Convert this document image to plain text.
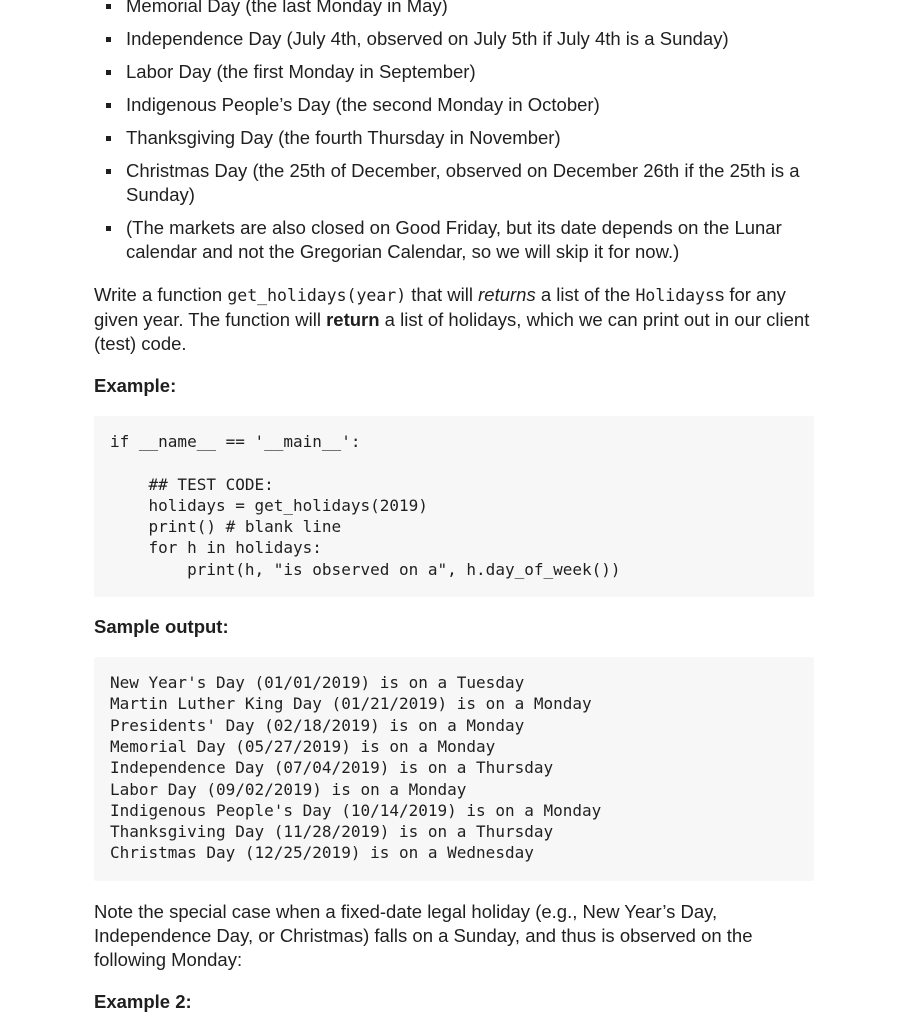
Memorial Day (the last Monday in May)
Independence Day (July 4th, observed on July 5th if July 4th is a Sunday)
Labor Day (the first Monday in September)
Indigenous People’s Day (the second Monday in October)
Thanksgiving Day (the fourth Thursday in November)
Christmas Day (the 25th of December, observed on December 26th if the 25th is a Sunday)
(The markets are also closed on Good Friday, but its date depends on the Lunar calendar and not the Gregorian Calendar, so we will skip it for now.)

Write a function get_holidays(year) that will returns a list of the Holidayss for any given year. The function will return a list of holidays, which we can print out in our client (test) code.

Example:

if __name__ == '__main__':

## TEST CODE:
holidays = get_holidays(2019)
print() # blank line
for h in holidays:
print(h, "is observed on a", h.day_of_week())

Sample output:

New Year's Day (01/01/2019) is on a Tuesday
Martin Luther King Day (01/21/2019) is on a Monday
Presidents' Day (02/18/2019) is on a Monday
Memorial Day (05/27/2019) is on a Monday
Independence Day (07/04/2019) is on a Thursday
Labor Day (09/02/2019) is on a Monday
Indigenous People's Day (10/14/2019) is on a Monday
Thanksgiving Day (11/28/2019) is on a Thursday
Christmas Day (12/25/2019) is on a Wednesday

Note the special case when a fixed-date legal holiday (e.g., New Year’s Day, Independence Day, or Christmas) falls on a Sunday, and thus is observed on the following Monday:

Example 2:
